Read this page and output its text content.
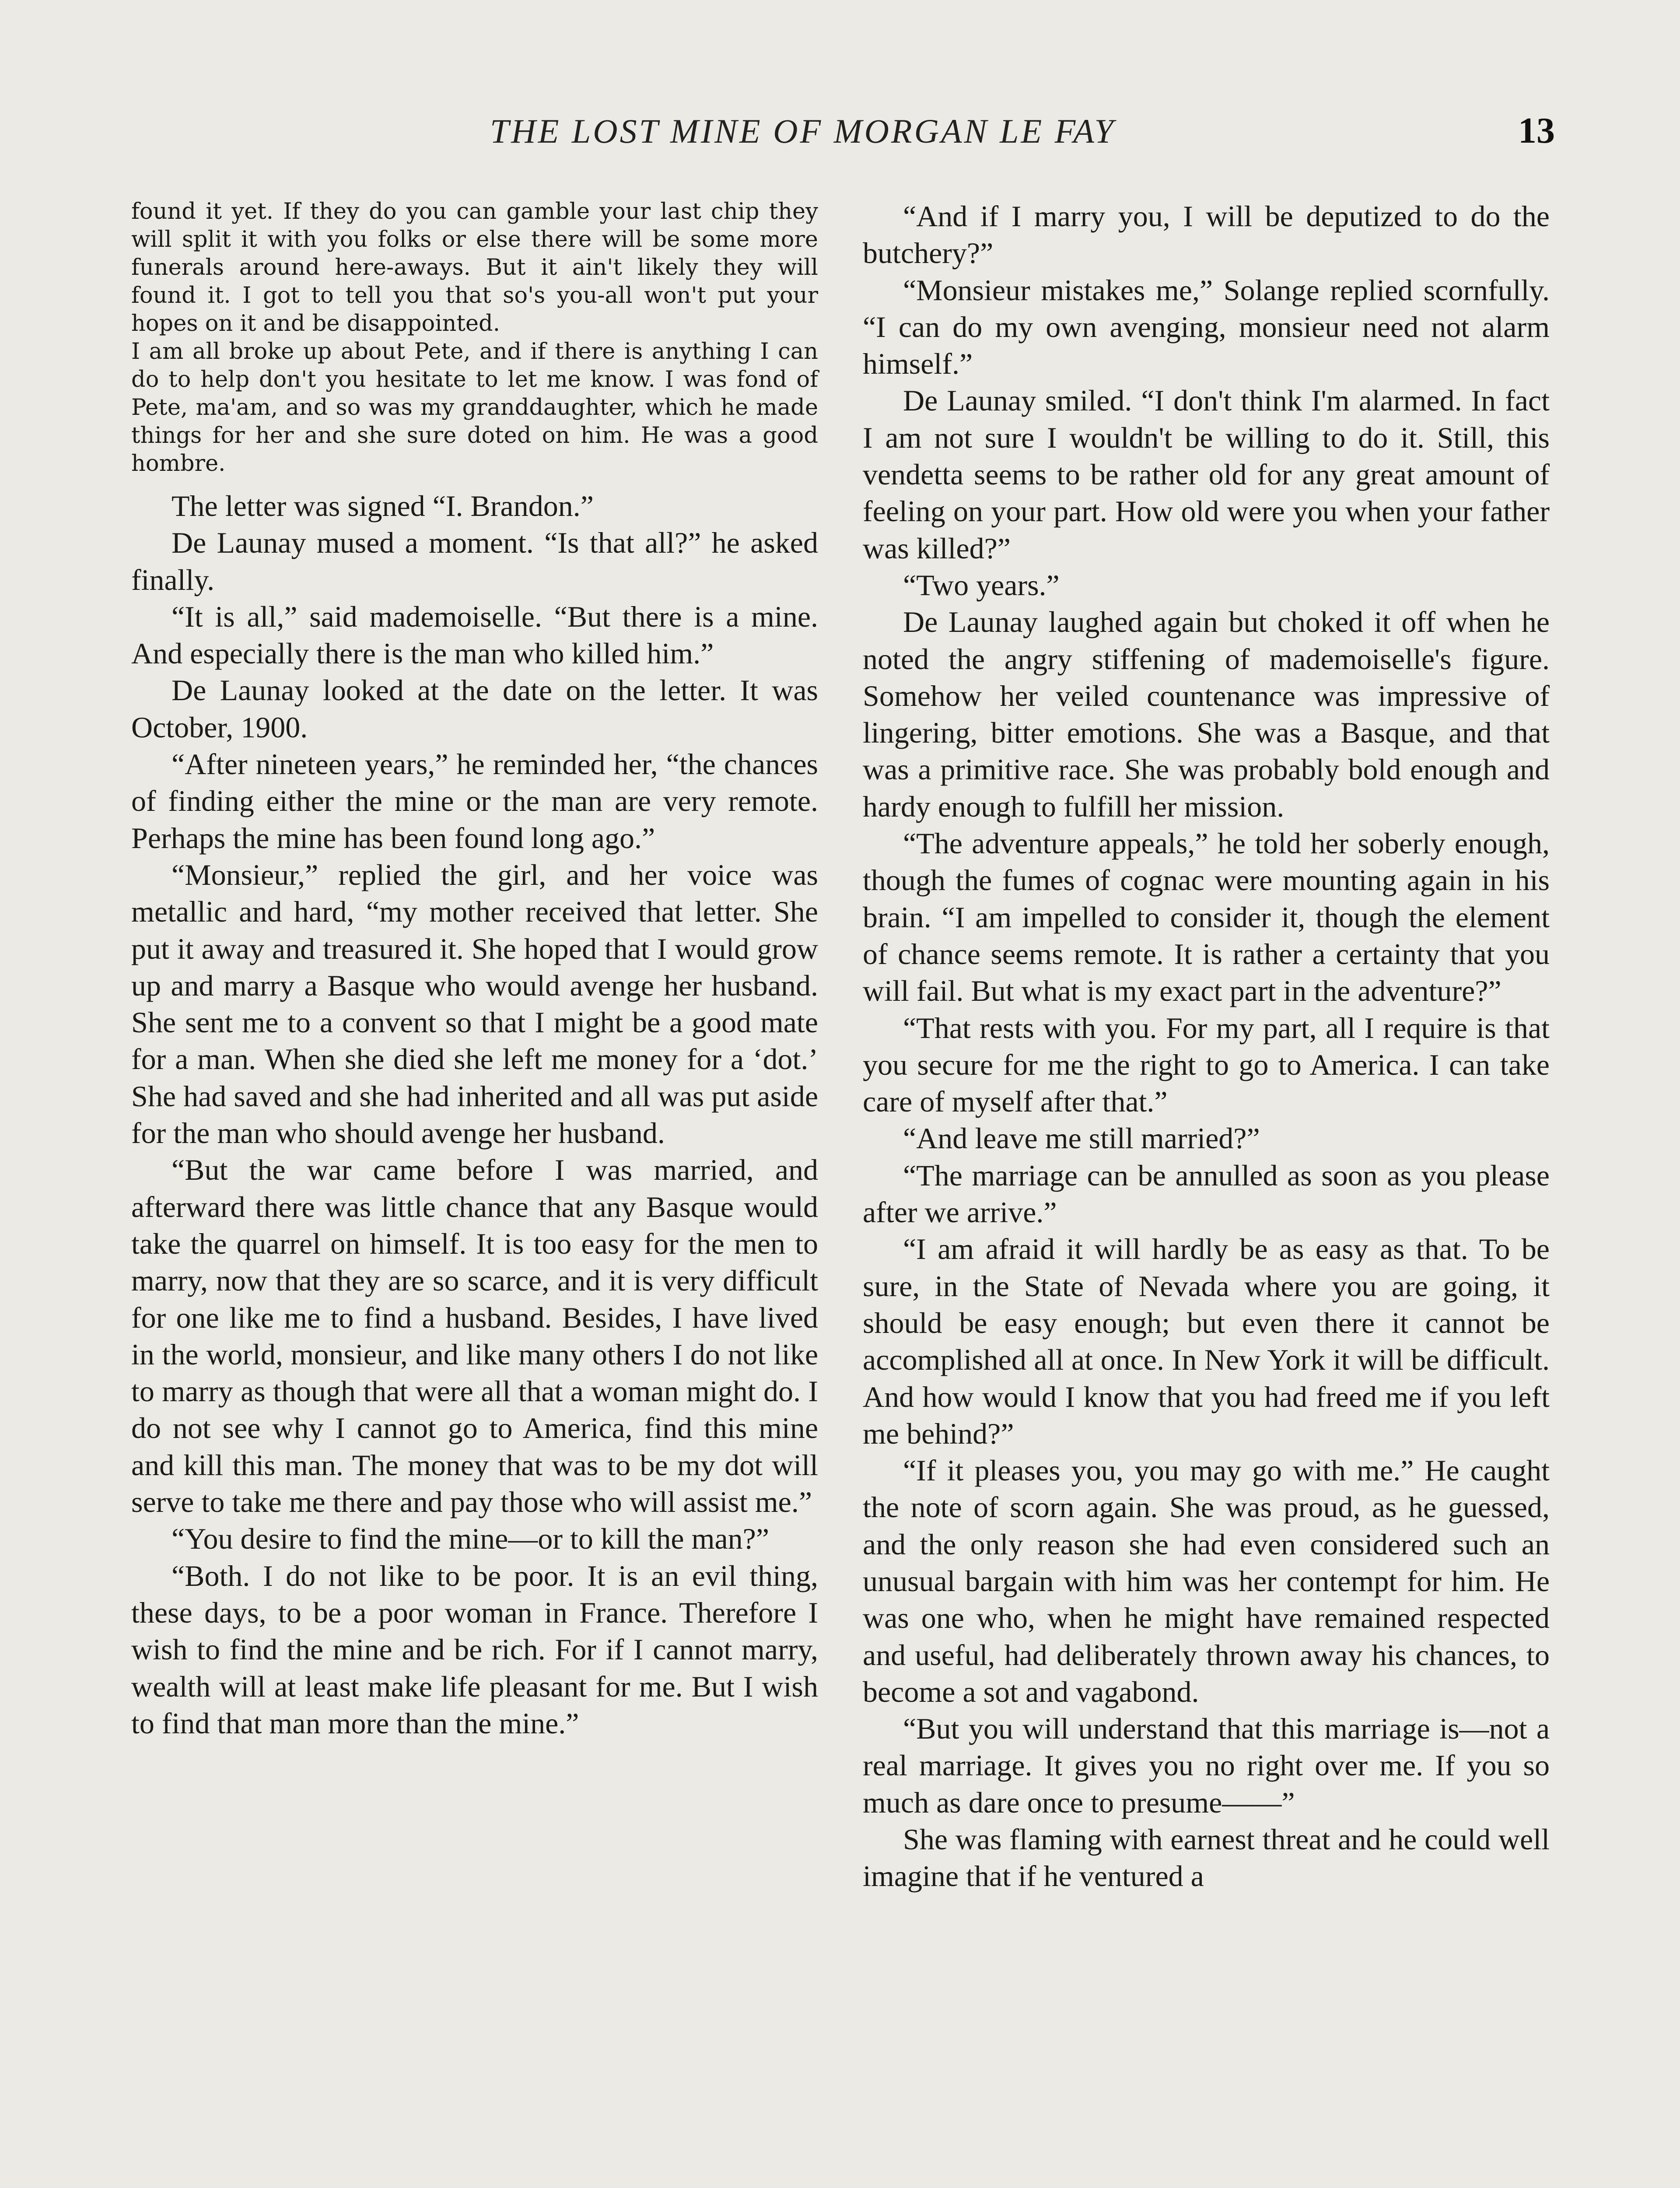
THE LOST MINE OF MORGAN LE FAY	13

found it yet. If they do you can gamble your last chip they will split it with you folks or else there will be some more funerals around here-aways. But it ain't likely they will found it. I got to tell you that so's you-all won't put your hopes on it and be disappointed.

I am all broke up about Pete, and if there is anything I can do to help don't you hesitate to let me know. I was fond of Pete, ma'am, and so was my granddaughter, which he made things for her and she sure doted on him. He was a good hombre.

The letter was signed “I. Brandon.”

De Launay mused a moment. “Is that all?” he asked finally.

“It is all,” said mademoiselle. “But there is a mine. And especially there is the man who killed him.”

De Launay looked at the date on the letter. It was October, 1900.

“After nineteen years,” he reminded her, “the chances of finding either the mine or the man are very remote. Perhaps the mine has been found long ago.”

“Monsieur,” replied the girl, and her voice was metallic and hard, “my mother received that letter. She put it away and treasured it. She hoped that I would grow up and marry a Basque who would avenge her husband. She sent me to a convent so that I might be a good mate for a man. When she died she left me money for a ‘dot.’ She had saved and she had inherited and all was put aside for the man who should avenge her husband.

“But the war came before I was married, and afterward there was little chance that any Basque would take the quarrel on himself. It is too easy for the men to marry, now that they are so scarce, and it is very difficult for one like me to find a husband. Besides, I have lived in the world, monsieur, and like many others I do not like to marry as though that were all that a woman might do. I do not see why I cannot go to America, find this mine and kill this man. The money that was to be my dot will serve to take me there and pay those who will assist me.”

“You desire to find the mine—or to kill the man?”

“Both. I do not like to be poor. It is an evil thing, these days, to be a poor woman in France. Therefore I wish to find the mine and be rich. For if I cannot marry, wealth will at least make life pleasant for me. But I wish to find that man more than the mine.”

“And if I marry you, I will be deputized to do the butchery?”

“Monsieur mistakes me,” Solange replied scornfully. “I can do my own avenging, monsieur need not alarm himself.”

De Launay smiled. “I don't think I'm alarmed. In fact I am not sure I wouldn't be willing to do it. Still, this vendetta seems to be rather old for any great amount of feeling on your part. How old were you when your father was killed?”

“Two years.”

De Launay laughed again but choked it off when he noted the angry stiffening of mademoiselle's figure. Somehow her veiled countenance was impressive of lingering, bitter emotions. She was a Basque, and that was a primitive race. She was probably bold enough and hardy enough to fulfill her mission.

“The adventure appeals,” he told her soberly enough, though the fumes of cognac were mounting again in his brain. “I am impelled to consider it, though the element of chance seems remote. It is rather a certainty that you will fail. But what is my exact part in the adventure?”

“That rests with you. For my part, all I require is that you secure for me the right to go to America. I can take care of myself after that.”

“And leave me still married?”

“The marriage can be annulled as soon as you please after we arrive.”

“I am afraid it will hardly be as easy as that. To be sure, in the State of Nevada where you are going, it should be easy enough; but even there it cannot be accomplished all at once. In New York it will be difficult. And how would I know that you had freed me if you left me behind?”

“If it pleases you, you may go with me.” He caught the note of scorn again. She was proud, as he guessed, and the only reason she had even considered such an unusual bargain with him was her contempt for him. He was one who, when he might have remained respected and useful, had deliberately thrown away his chances, to become a sot and vagabond.

“But you will understand that this marriage is—not a real marriage. It gives you no right over me. If you so much as dare once to presume——”

She was flaming with earnest threat and he could well imagine that if he ventured a
